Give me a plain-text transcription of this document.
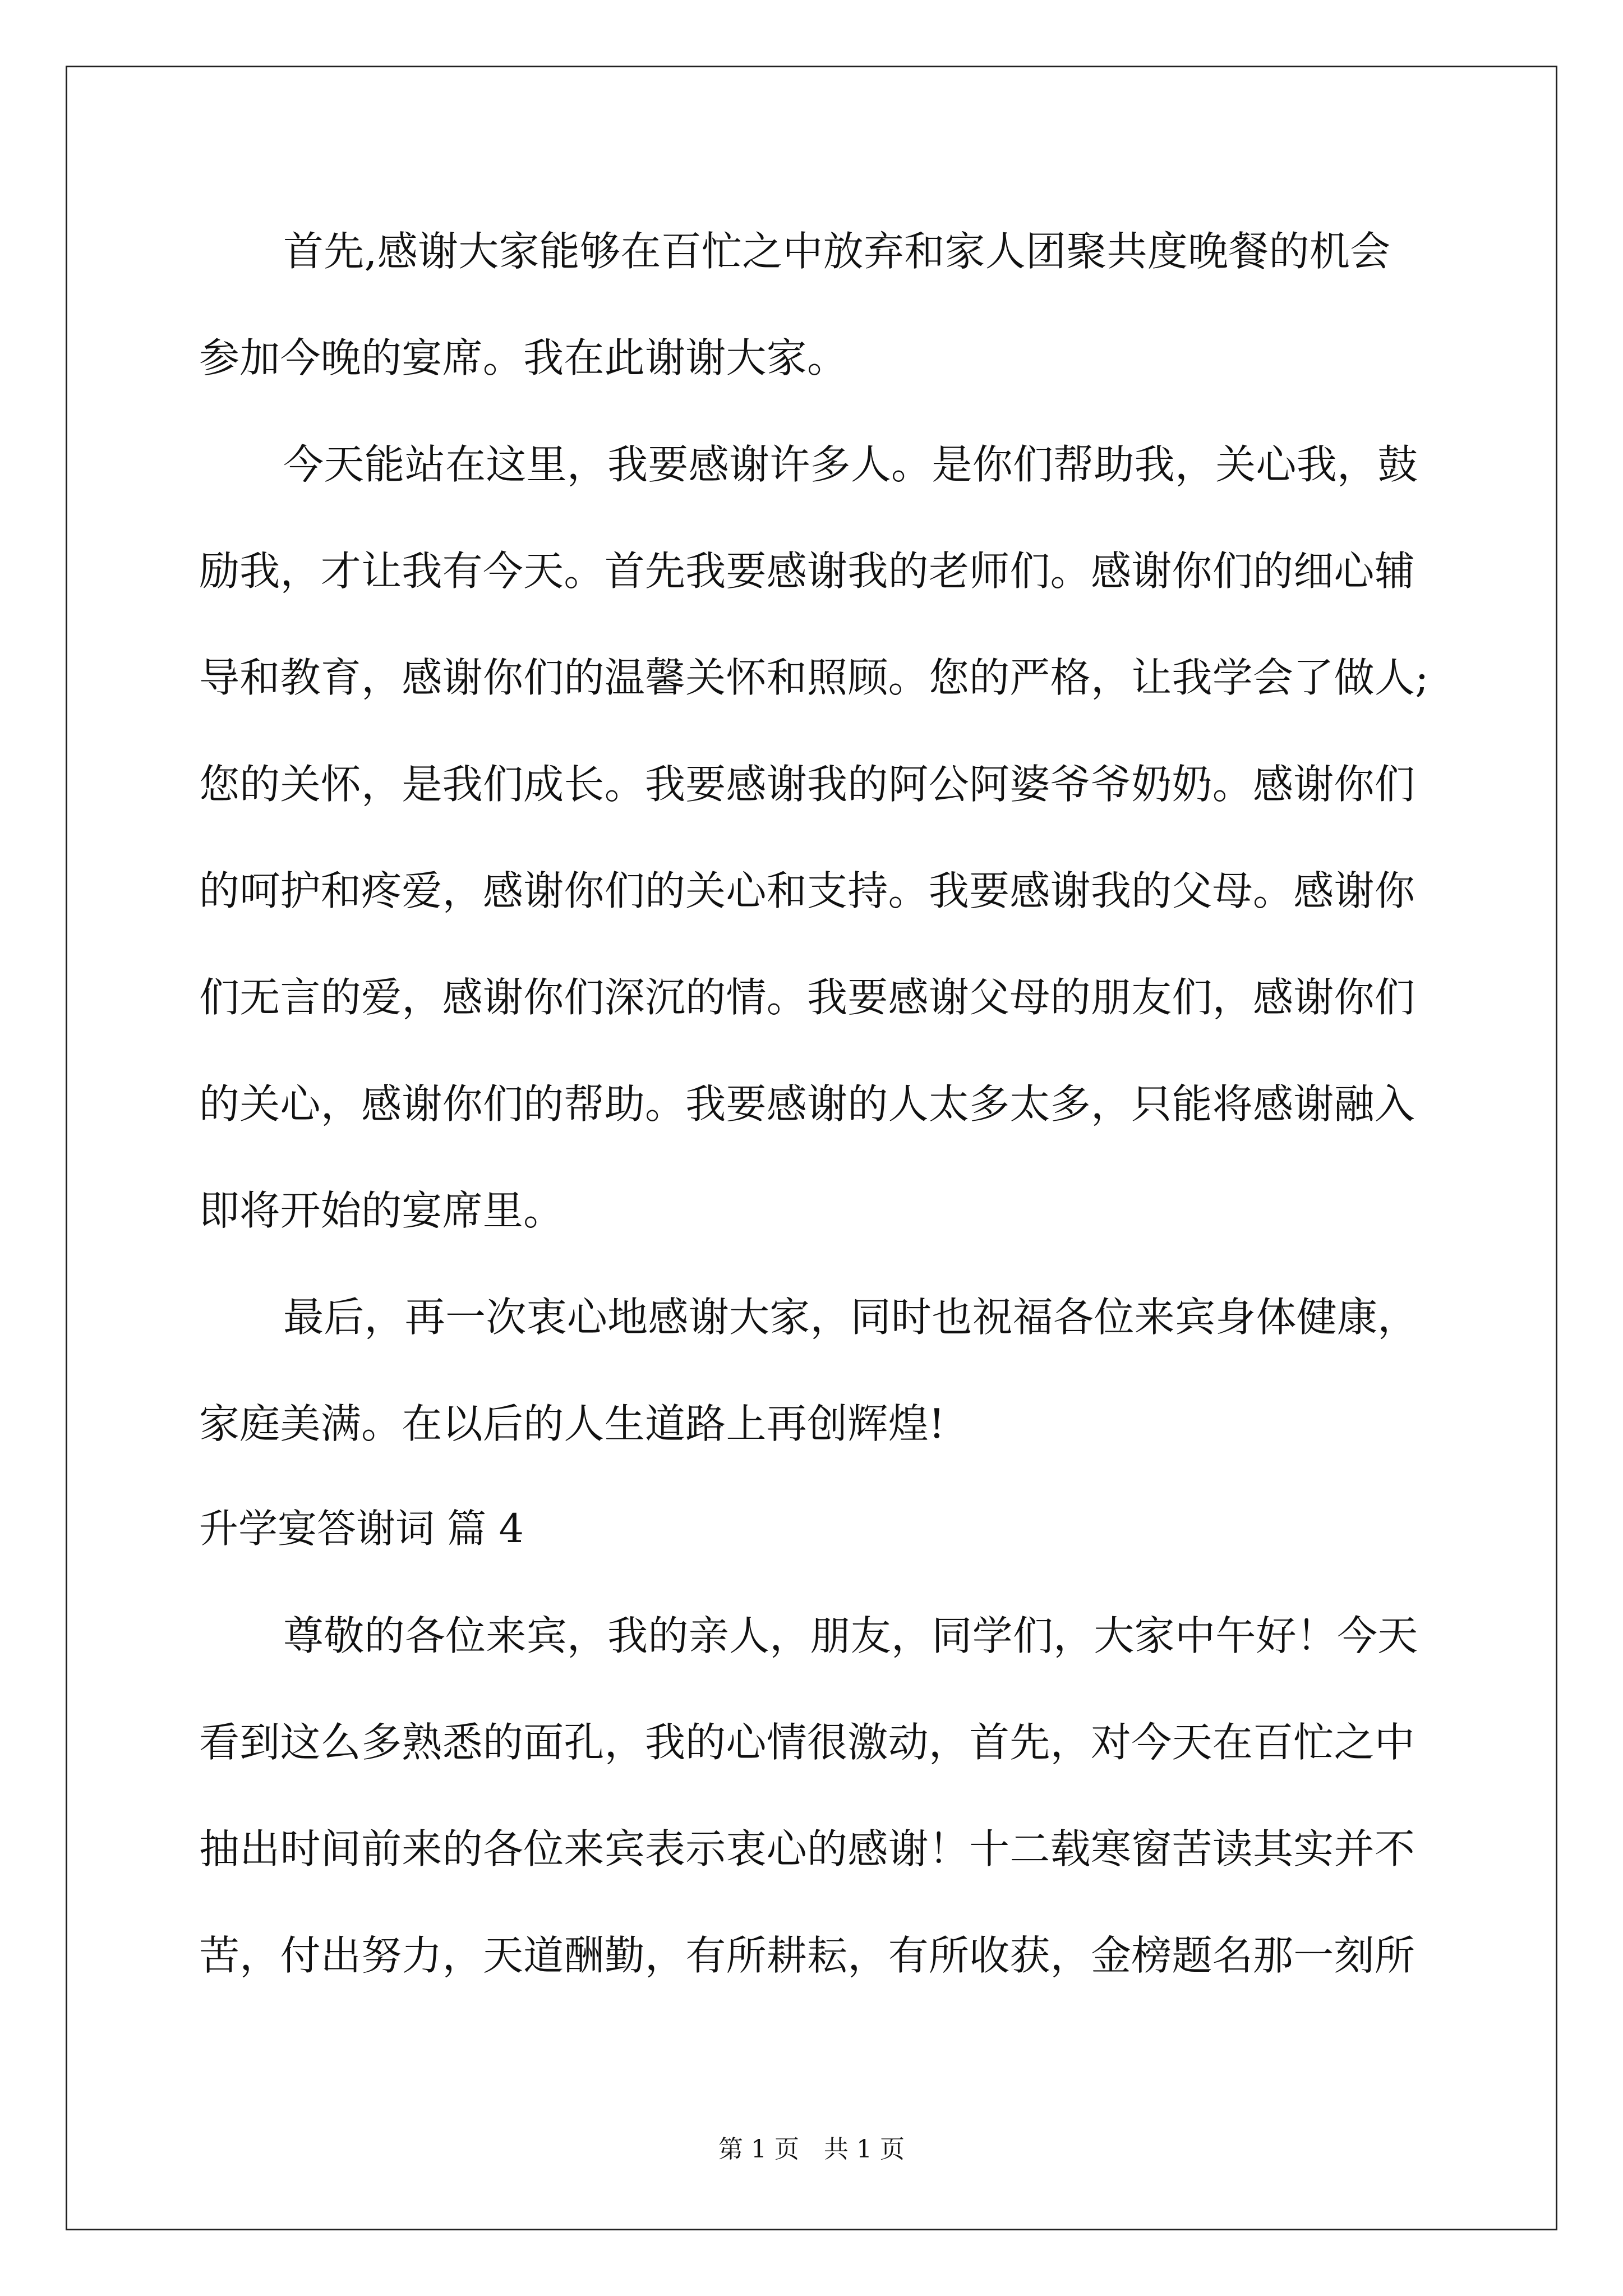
首先,感谢大家能够在百忙之中放弃和家人团聚共度晚餐的机会
参加今晚的宴席。我在此谢谢大家。
今天能站在这里，我要感谢许多人。是你们帮助我，关心我，鼓
励我，才让我有今天。首先我要感谢我的老师们。感谢你们的细心辅
导和教育，感谢你们的温馨关怀和照顾。您的严格，让我学会了做人;
您的关怀，是我们成长。我要感谢我的阿公阿婆爷爷奶奶。感谢你们
的呵护和疼爱，感谢你们的关心和支持。我要感谢我的父母。感谢你
们无言的爱，感谢你们深沉的情。我要感谢父母的朋友们，感谢你们
的关心，感谢你们的帮助。我要感谢的人太多太多，只能将感谢融入
即将开始的宴席里。
最后，再一次衷心地感谢大家，同时也祝福各位来宾身体健康，
家庭美满。在以后的人生道路上再创辉煌!
升学宴答谢词 篇 4
尊敬的各位来宾，我的亲人，朋友，同学们，大家中午好！今天
看到这么多熟悉的面孔，我的心情很激动，首先，对今天在百忙之中
抽出时间前来的各位来宾表示衷心的感谢！十二载寒窗苦读其实并不
苦，付出努力，天道酬勤，有所耕耘，有所收获，金榜题名那一刻所
第 1 页　共 1 页
